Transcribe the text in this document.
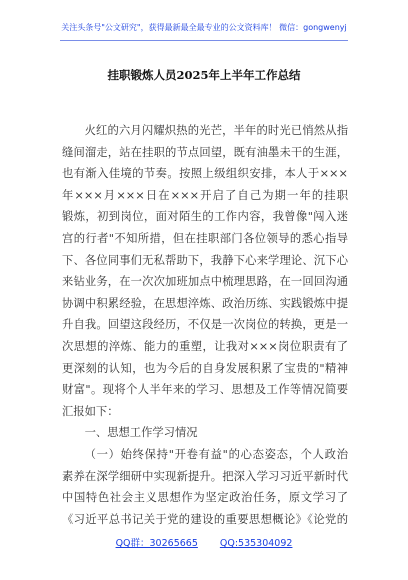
关注头条号"公文研究"，获得最新最全最专业的公文资料库！ 微信：gongwenyj
挂职锻炼人员2025年上半年工作总结
火红的六月闪耀炽热的光芒，半年的时光已悄然从指
缝间溜走，站在挂职的节点回望，既有油墨未干的生涯，
也有渐入佳境的节奏。按照上级组织安排，本人于×××
年×××月×××日在×××开启了自己为期一年的挂职
锻炼，初到岗位，面对陌生的工作内容，我曾像"闯入迷
宫的行者"不知所措，但在挂职部门各位领导的悉心指导
下、各位同事们无私帮助下，我静下心来学理论、沉下心
来钻业务，在一次次加班加点中梳理思路，在一回回沟通
协调中积累经验，在思想淬炼、政治历练、实践锻炼中提
升自我。回望这段经历，不仅是一次岗位的转换，更是一
次思想的淬炼、能力的重塑，让我对×××岗位职责有了
更深刻的认知，也为今后的自身发展积累了宝贵的"精神
财富"。现将个人半年来的学习、思想及工作等情况简要
汇报如下：
一、思想工作学习情况
（一）始终保持"开卷有益"的心态姿态，个人政治
素养在深学细研中实现新提升。把深入学习习近平新时代
中国特色社会主义思想作为坚定政治任务，原文学习了
《习近平总书记关于党的建设的重要思想概论》《论党的
QQ群：30265665 QQ:535304092
